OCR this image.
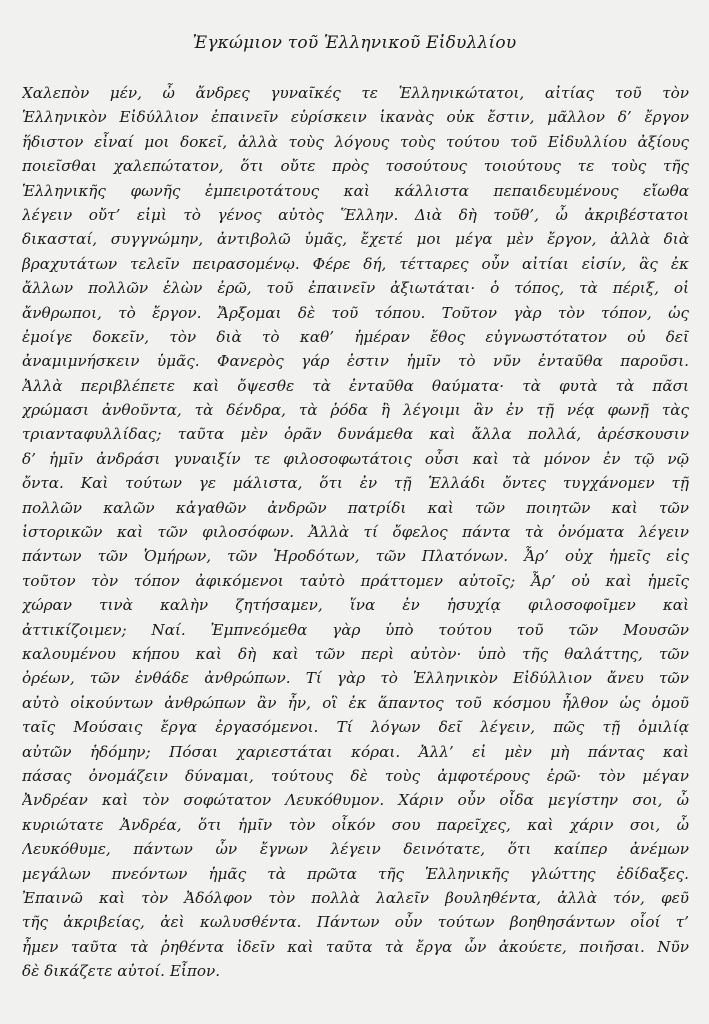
Ἐγκώμιον τοῦ Ἑλληνικοῦ Εἰδυλλίου
Χαλεπὸν μέν, ὦ ἄνδρες γυναῖκές τε Ἑλληνικώτατοι, αἰτίας τοῦ τὸν
Ἑλληνικὸν Εἰδύλλιον ἐπαινεῖν εὑρίσκειν ἱκανὰς οὐκ ἔστιν, μᾶλλον δ’ ἔργον
ἥδιστον εἶναί μοι δοκεῖ, ἀλλὰ τοὺς λόγους τοὺς τούτου τοῦ Εἰδυλλίου ἀξίους
ποιεῖσθαι χαλεπώτατον, ὅτι οὔτε πρὸς τοσούτους τοιούτους τε τοὺς τῆς
Ἑλληνικῆς φωνῆς ἐμπειροτάτους καὶ κάλλιστα πεπαιδευμένους εἴωθα
λέγειν οὔτ’ εἰμὶ τὸ γένος αὐτὸς Ἕλλην. Διὰ δὴ τοῦθ’, ὦ ἀκριβέστατοι
δικασταί, συγγνώμην, ἀντιβολῶ ὑμᾶς, ἔχετέ μοι μέγα μὲν ἔργον, ἀλλὰ διὰ
βραχυτάτων τελεῖν πειρασομένῳ. Φέρε δή, τέτταρες οὖν αἰτίαι εἰσίν, ἃς ἐκ
ἄλλων πολλῶν ἑλὼν ἐρῶ, τοῦ ἐπαινεῖν ἀξιωτάται· ὁ τόπος, τὰ πέριξ, οἱ
ἄνθρωποι, τὸ ἔργον. Ἄρξομαι δὲ τοῦ τόπου. Τοῦτον γὰρ τὸν τόπον, ὡς
ἐμοίγε δοκεῖν, τὸν διὰ τὸ καθ’ ἡμέραν ἔθος εὐγνωστότατον οὐ δεῖ
ἀναμιμνήσκειν ὑμᾶς. Φανερὸς γάρ ἐστιν ἡμῖν τὸ νῦν ἐνταῦθα παροῦσι.
Ἀλλὰ περιβλέπετε καὶ ὄψεσθε τὰ ἐνταῦθα θαύματα· τὰ φυτὰ τὰ πᾶσι
χρώμασι ἀνθοῦντα, τὰ δένδρα, τὰ ῥόδα ἢ λέγοιμι ἂν ἐν τῇ νέᾳ φωνῇ τὰς
τριανταφυλλίδας; ταῦτα μὲν ὁρᾶν δυνάμεθα καὶ ἄλλα πολλά, ἀρέσκουσιν
δ’ ἡμῖν ἀνδράσι γυναιξίν τε φιλοσοφωτάτοις οὖσι καὶ τὰ μόνον ἐν τῷ νῷ
ὄντα. Καὶ τούτων γε μάλιστα, ὅτι ἐν τῇ Ἑλλάδι ὄντες τυγχάνομεν τῇ
πολλῶν καλῶν κἀγαθῶν ἀνδρῶν πατρίδι καὶ τῶν ποιητῶν καὶ τῶν
ἱστορικῶν καὶ τῶν φιλοσόφων. Ἀλλὰ τί ὄφελος πάντα τὰ ὀνόματα λέγειν
πάντων τῶν Ὁμήρων, τῶν Ἡροδότων, τῶν Πλατόνων. Ἆρ’ οὐχ ἡμεῖς εἰς
τοῦτον τὸν τόπον ἀφικόμενοι ταὐτὸ πράττομεν αὐτοῖς; Ἆρ’ οὐ καὶ ἡμεῖς
χώραν τινὰ καλὴν ζητήσαμεν, ἵνα ἐν ἡσυχίᾳ φιλοσοφοῖμεν καὶ
ἀττικίζοιμεν; Ναί. Ἐμπνεόμεθα γὰρ ὑπὸ τούτου τοῦ τῶν Μουσῶν
καλουμένου κήπου καὶ δὴ καὶ τῶν περὶ αὐτὸν· ὑπὸ τῆς θαλάττης, τῶν
ὀρέων, τῶν ἐνθάδε ἀνθρώπων. Τί γὰρ τὸ Ἑλληνικὸν Εἰδύλλιον ἄνευ τῶν
αὐτὸ οἰκούντων ἀνθρώπων ἂν ἦν, οἳ ἐκ ἅπαντος τοῦ κόσμου ἦλθον ὡς ὁμοῦ
ταῖς Μούσαις ἔργα ἐργασόμενοι. Τί λόγων δεῖ λέγειν, πῶς τῇ ὁμιλίᾳ
αὐτῶν ἡδόμην; Πόσαι χαριεστάται κόραι. Ἀλλ’ εἰ μὲν μὴ πάντας καὶ
πάσας ὀνομάζειν δύναμαι, τούτους δὲ τοὺς ἀμφοτέρους ἐρῶ· τὸν μέγαν
Ἀνδρέαν καὶ τὸν σοφώτατον Λευκόθυμον. Χάριν οὖν οἶδα μεγίστην σοι, ὦ
κυριώτατε Ἀνδρέα, ὅτι ἡμῖν τὸν οἶκόν σου παρεῖχες, καὶ χάριν σοι, ὦ
Λευκόθυμε, πάντων ὧν ἔγνων λέγειν δεινότατε, ὅτι καίπερ ἀνέμων
μεγάλων πνεόντων ἡμᾶς τὰ πρῶτα τῆς Ἑλληνικῆς γλώττης ἐδίδαξες.
Ἐπαινῶ καὶ τὸν Ἀδόλφον τὸν πολλὰ λαλεῖν βουληθέντα, ἀλλὰ τόν, φεῦ
τῆς ἀκριβείας, ἀεὶ κωλυσθέντα. Πάντων οὖν τούτων βοηθησάντων οἷοί τ’
ἦμεν ταῦτα τὰ ῥηθέντα ἰδεῖν καὶ ταῦτα τὰ ἔργα ὧν ἀκούετε, ποιῆσαι. Νῦν
δὲ δικάζετε αὐτοί. Εἶπον.
